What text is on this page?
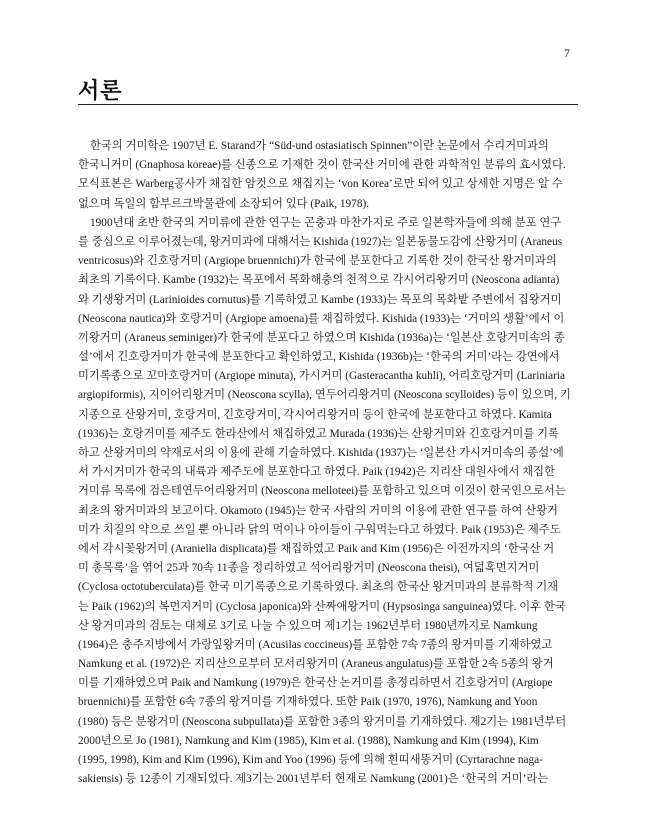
7
서론
한국의 거미학은 1907년 E. Starand가 “Süd-und ostasiatisch Spinnen”이란 논문에서 수리거미과의
한국니거미 (Gnaphosa koreae)를 신종으로 기재한 것이 한국산 거미에 관한 과학적인 분류의 효시였다.
모식표본은 Warberg공사가 채집한 암컷으로 채집지는 ‘von Korea’로만 되어 있고 상세한 지명은 알 수
없으며 독일의 함부르크박물관에 소장되어 있다 (Paik, 1978).
1900년대 초반 한국의 거미류에 관한 연구는 곤충과 마찬가지로 주로 일본학자들에 의해 분포 연구
를 중심으로 이루어졌는데, 왕거미과에 대해서는 Kishida (1927)는 일본동물도감에 산왕거미 (Araneus
ventricosus)와 긴호랑거미 (Argiope bruennichi)가 한국에 분포한다고 기록한 것이 한국산 왕거미과의
최초의 기록이다. Kambe (1932)는 목포에서 목화해충의 천적으로 각시어리왕거미 (Neoscona adianta)
와 기생왕거미 (Larinioides cornutus)를 기록하였고 Kambe (1933)는 목포의 목화밭 주변에서 집왕거미
(Neoscona nautica)와 호랑거미 (Argiope amoena)를 채집하였다. Kishida (1933)는 ‘거미의 생활’에서 이
끼왕거미 (Araneus seminiger)가 한국에 분포다고 하였으며 Kishida (1936a)는 ‘일본산 호랑거미속의 종
설’에서 긴호랑거미가 한국에 분포한다고 확인하였고, Kishida (1936b)는 ‘한국의 거미’라는 강연에서
미기록종으로 꼬마호랑거미 (Argiope minuta), 가시거미 (Gasteracantha kuhli), 어리호랑거미 (Lariniaria
argiopiformis), 지이어리왕거미 (Neoscona scylla), 연두어리왕거미 (Neoscona scylloides) 등이 있으며, 기
지종으로 산왕거미, 호랑거미, 긴호랑거미, 각시어리왕거미 등이 한국에 분포한다고 하였다. Kamita
(1936)는 호랑거미를 제주도 한라산에서 채집하였고 Murada (1936)는 산왕거미와 긴호랑거미를 기록
하고 산왕거미의 약재로서의 이용에 관해 기술하였다. Kishida (1937)는 ‘일본산 가시거미속의 종설’에
서 가시거미가 한국의 내륙과 제주도에 분포한다고 하였다. Paik (1942)은 지리산 대원사에서 채집한
거미류 목록에 검은테연두어리왕거미 (Neoscona melloteei)를 포함하고 있으며 이것이 한국인으로서는
최초의 왕거미과의 보고이다. Okamoto (1945)는 한국 사람의 거미의 이용에 관한 연구를 하여 산왕거
미가 치질의 약으로 쓰일 뿐 아니라 닭의 먹이나 아이들이 구워먹는다고 하였다. Paik (1953)은 제주도
에서 각시꽃왕거미 (Araniella displicata)를 채집하였고 Paik and Kim (1956)은 이전까지의 ‘한국산 거
미 총목록’을 엮어 25과 70속 11종을 정리하였고 석어리왕거미 (Neoscona theisi), 여덟혹먼지거미
(Cyclosa octotuberculata)를 한국 미기록종으로 기록하였다. 최초의 한국산 왕거미과의 분류학적 기재
는 Paik (1962)의 복먼지거미 (Cyclosa japonica)와 산짜애왕거미 (Hypsosinga sanguinea)였다. 이후 한국
산 왕거미과의 검토는 대체로 3기로 나눌 수 있으며 제1기는 1962년부터 1980년까지로 Namkung
(1964)은 충주지방에서 가랑잎왕거미 (Acusilas coccineus)를 포함한 7속 7종의 왕거미를 기재하였고
Namkung et al. (1972)은 지리산으로부터 모서리왕거미 (Araneus angulatus)를 포함한 2속 5종의 왕거
미를 기재하였으며 Paik and Namkung (1979)은 한국산 논거미를 총정리하면서 긴호랑거미 (Argiope
bruennichi)를 포함한 6속 7종의 왕거미를 기재하였다. 또한 Paik (1970, 1976), Namkung and Yoon
(1980) 등은 분왕거미 (Neoscona subpullata)를 포함한 3종의 왕거미를 기재하였다. 제2기는 1981년부터
2000년으로 Jo (1981), Namkung and Kim (1985), Kim et al. (1988), Namkung and Kim (1994), Kim
(1995, 1998), Kim and Kim (1996), Kim and Yoo (1996) 등에 의해 흰띠새똥거미 (Cyrtarachne naga-
sakiensis) 등 12종이 기재되었다. 제3기는 2001년부터 현재로 Namkung (2001)은 ‘한국의 거미’라는
